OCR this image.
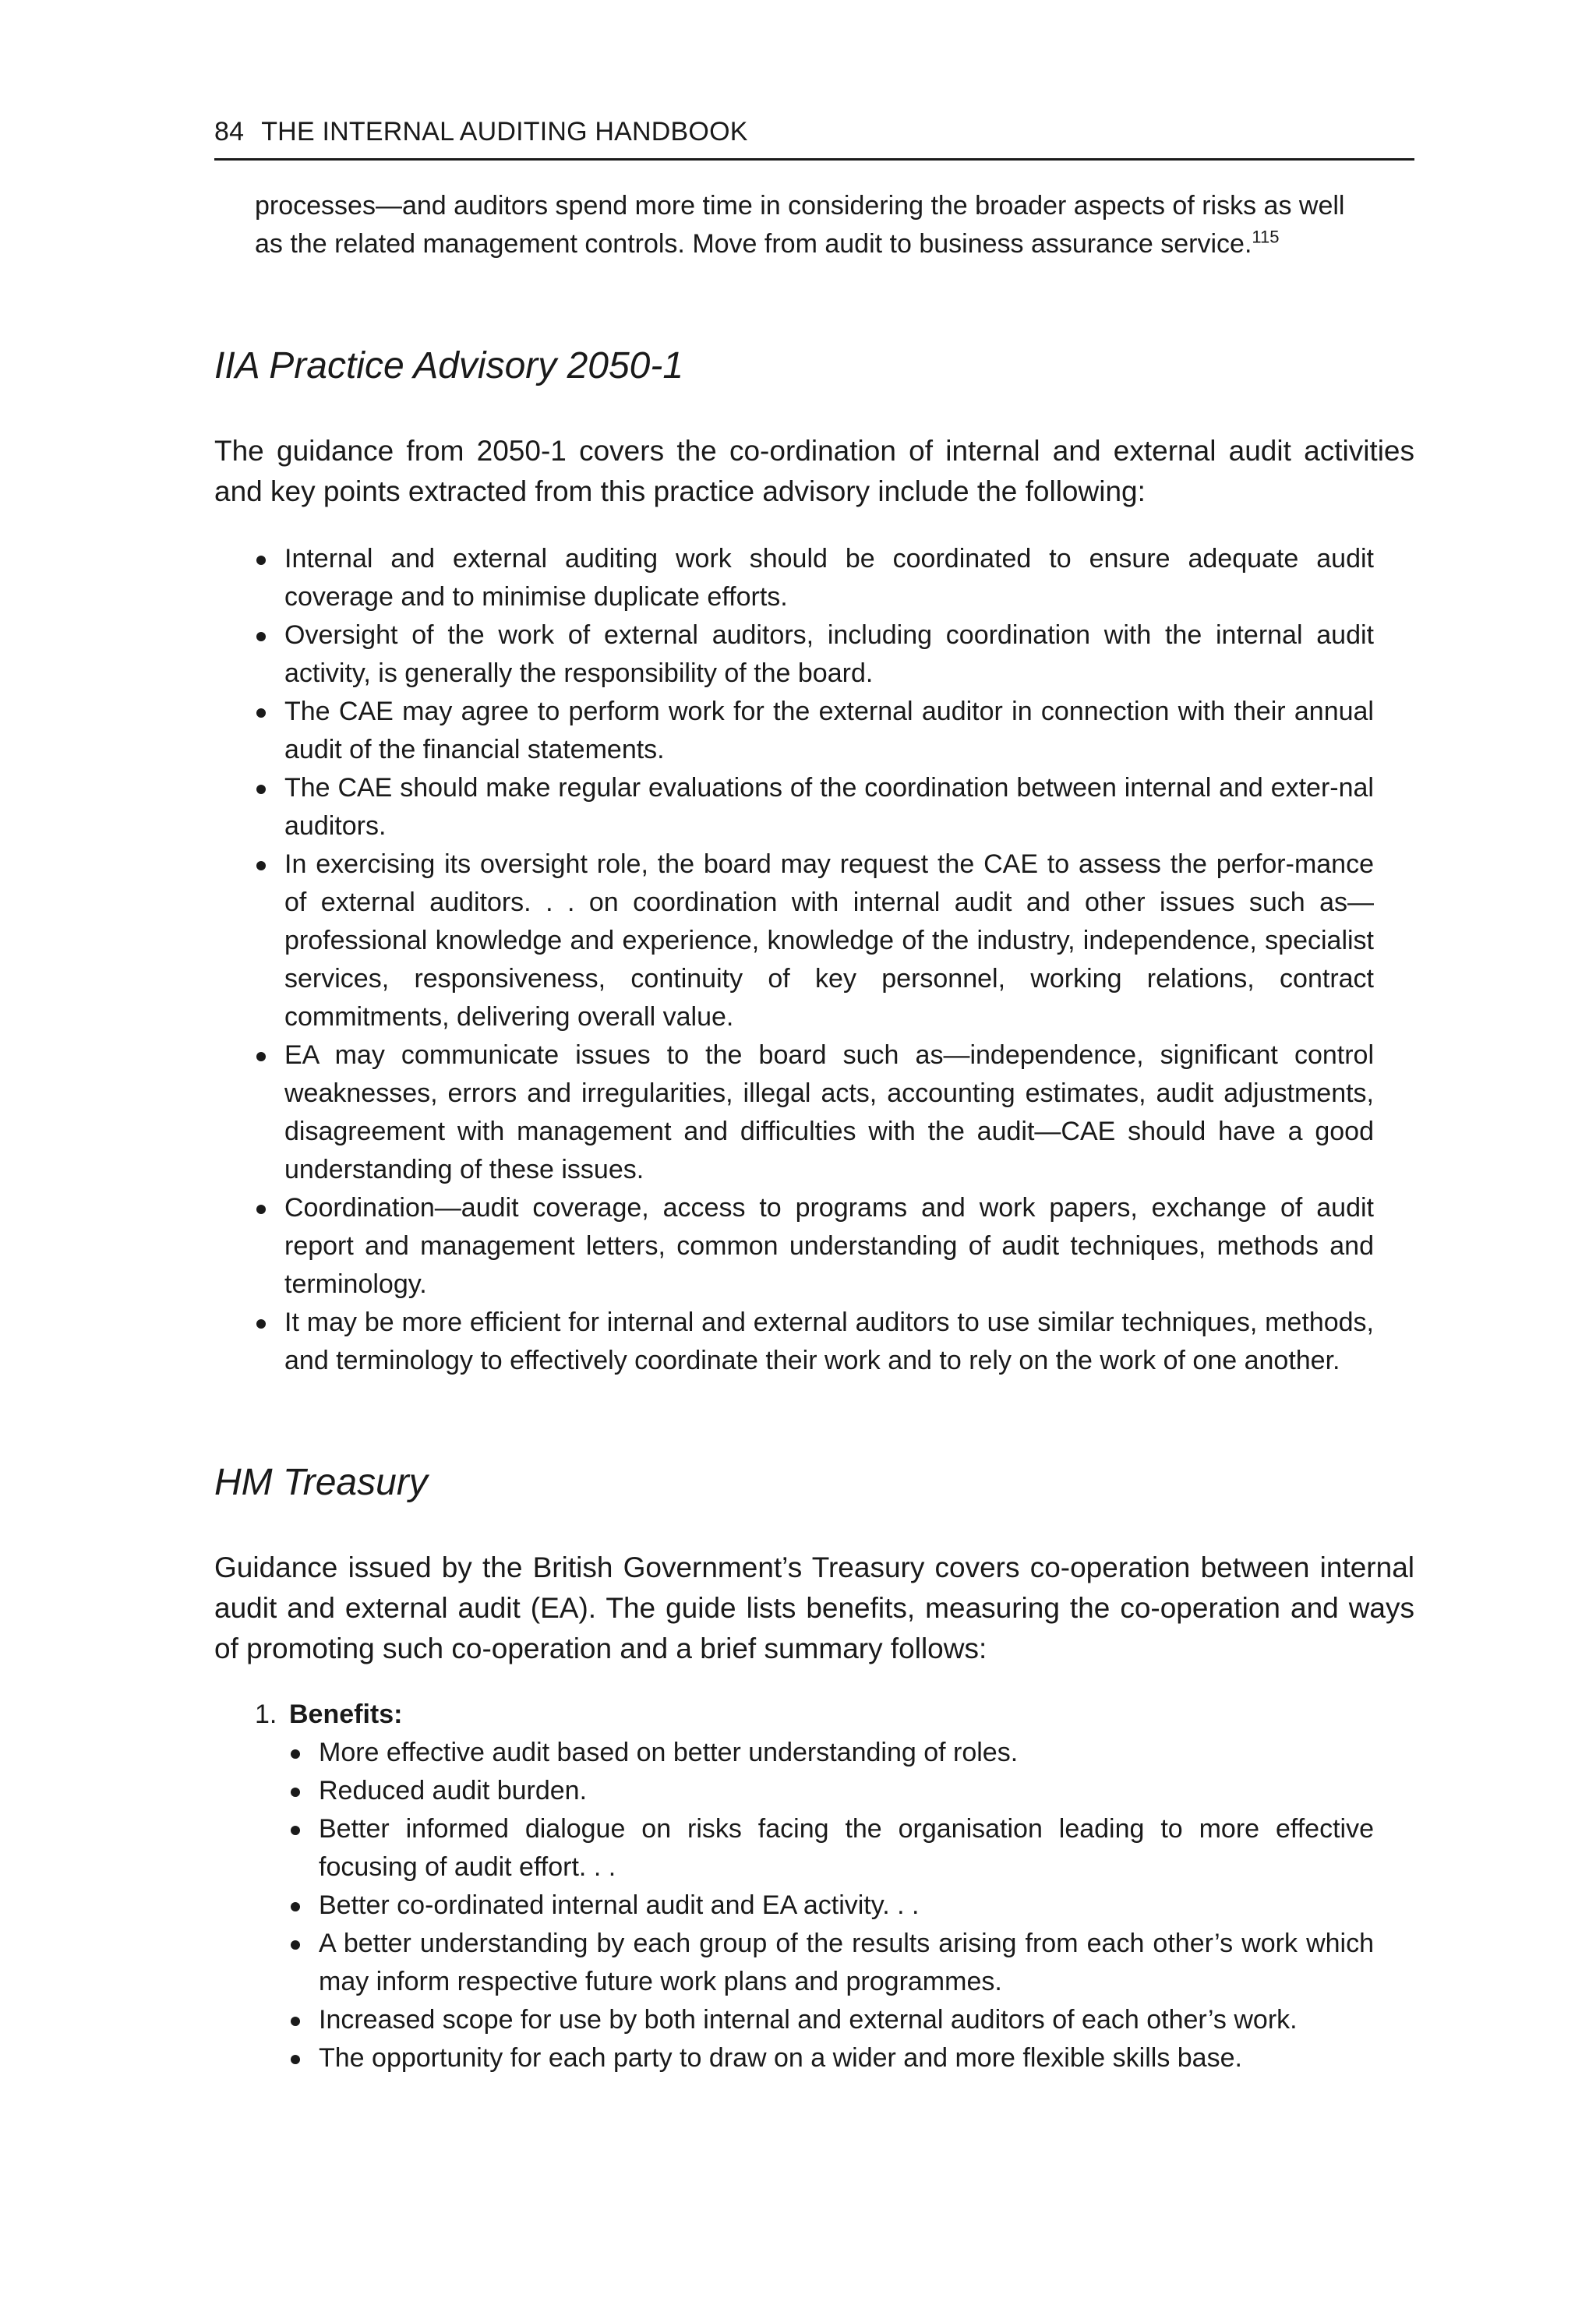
84 THE INTERNAL AUDITING HANDBOOK
processes—and auditors spend more time in considering the broader aspects of risks as well as the related management controls. Move from audit to business assurance service.$^{115}$
IIA Practice Advisory 2050-1
The guidance from 2050-1 covers the co-ordination of internal and external audit activities and key points extracted from this practice advisory include the following:
Internal and external auditing work should be coordinated to ensure adequate audit coverage and to minimise duplicate efforts.
Oversight of the work of external auditors, including coordination with the internal audit activity, is generally the responsibility of the board.
The CAE may agree to perform work for the external auditor in connection with their annual audit of the financial statements.
The CAE should make regular evaluations of the coordination between internal and exter-nal auditors.
In exercising its oversight role, the board may request the CAE to assess the perfor-mance of external auditors. . . on coordination with internal audit and other issues such as—professional knowledge and experience, knowledge of the industry, independence, specialist services, responsiveness, continuity of key personnel, working relations, contract commitments, delivering overall value.
EA may communicate issues to the board such as—independence, significant control weaknesses, errors and irregularities, illegal acts, accounting estimates, audit adjustments, disagreement with management and difficulties with the audit—CAE should have a good understanding of these issues.
Coordination—audit coverage, access to programs and work papers, exchange of audit report and management letters, common understanding of audit techniques, methods and terminology.
It may be more efficient for internal and external auditors to use similar techniques, methods, and terminology to effectively coordinate their work and to rely on the work of one another.
HM Treasury
Guidance issued by the British Government’s Treasury covers co-operation between internal audit and external audit (EA). The guide lists benefits, measuring the co-operation and ways of promoting such co-operation and a brief summary follows:
1. Benefits:
More effective audit based on better understanding of roles.
Reduced audit burden.
Better informed dialogue on risks facing the organisation leading to more effective focusing of audit effort. . .
Better co-ordinated internal audit and EA activity. . .
A better understanding by each group of the results arising from each other’s work which may inform respective future work plans and programmes.
Increased scope for use by both internal and external auditors of each other’s work.
The opportunity for each party to draw on a wider and more flexible skills base.
